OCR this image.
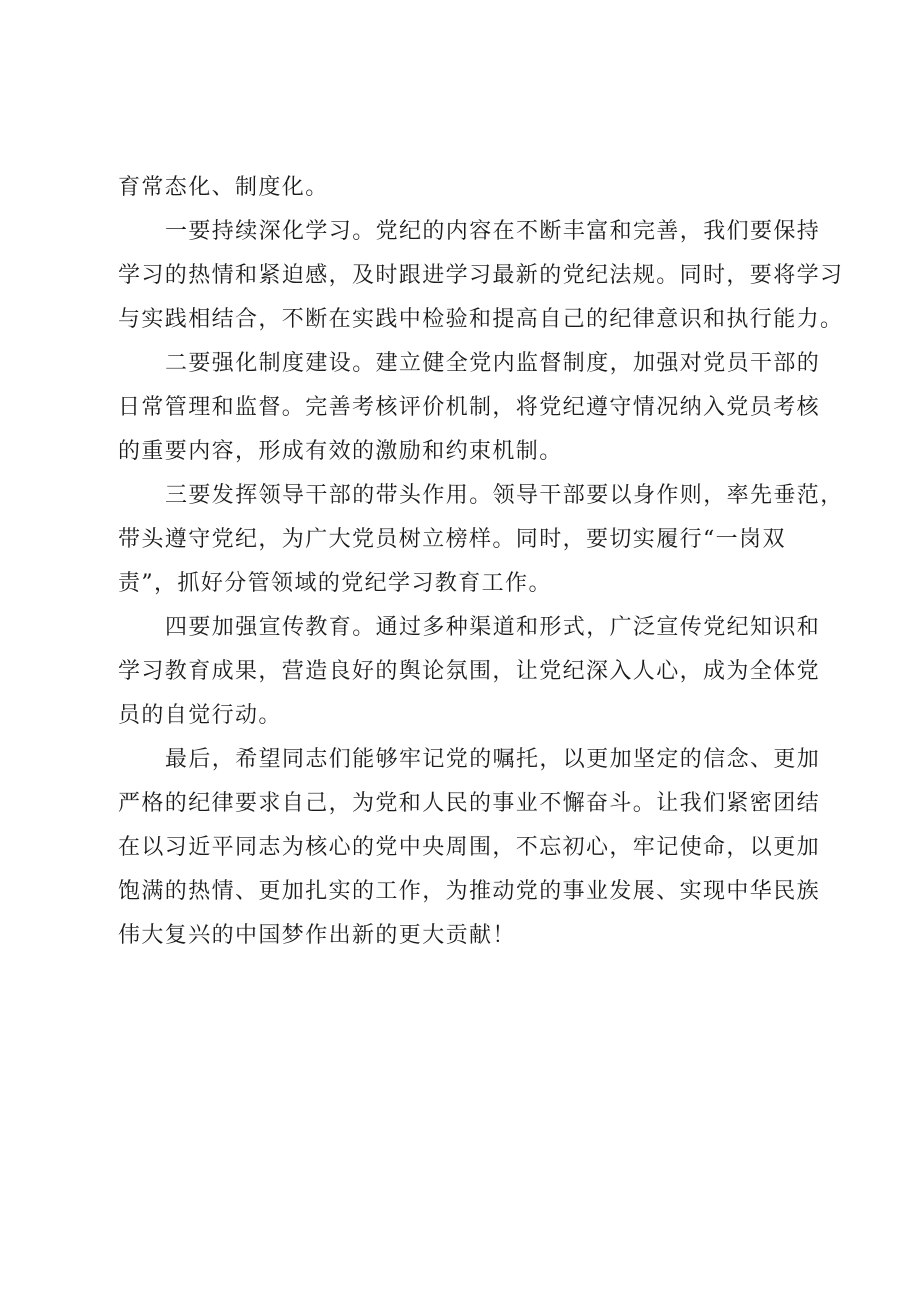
育常态化、制度化。
一要持续深化学习。党纪的内容在不断丰富和完善，我们要保持
学习的热情和紧迫感，及时跟进学习最新的党纪法规。同时，要将学习
与实践相结合，不断在实践中检验和提高自己的纪律意识和执行能力。
二要强化制度建设。建立健全党内监督制度，加强对党员干部的
日常管理和监督。完善考核评价机制，将党纪遵守情况纳入党员考核
的重要内容，形成有效的激励和约束机制。
三要发挥领导干部的带头作用。领导干部要以身作则，率先垂范，
带头遵守党纪，为广大党员树立榜样。同时，要切实履行“一岗双
责”，抓好分管领域的党纪学习教育工作。
四要加强宣传教育。通过多种渠道和形式，广泛宣传党纪知识和
学习教育成果，营造良好的舆论氛围，让党纪深入人心，成为全体党
员的自觉行动。
最后，希望同志们能够牢记党的嘱托，以更加坚定的信念、更加
严格的纪律要求自己，为党和人民的事业不懈奋斗。让我们紧密团结
在以习近平同志为核心的党中央周围，不忘初心，牢记使命，以更加
饱满的热情、更加扎实的工作，为推动党的事业发展、实现中华民族
伟大复兴的中国梦作出新的更大贡献！
